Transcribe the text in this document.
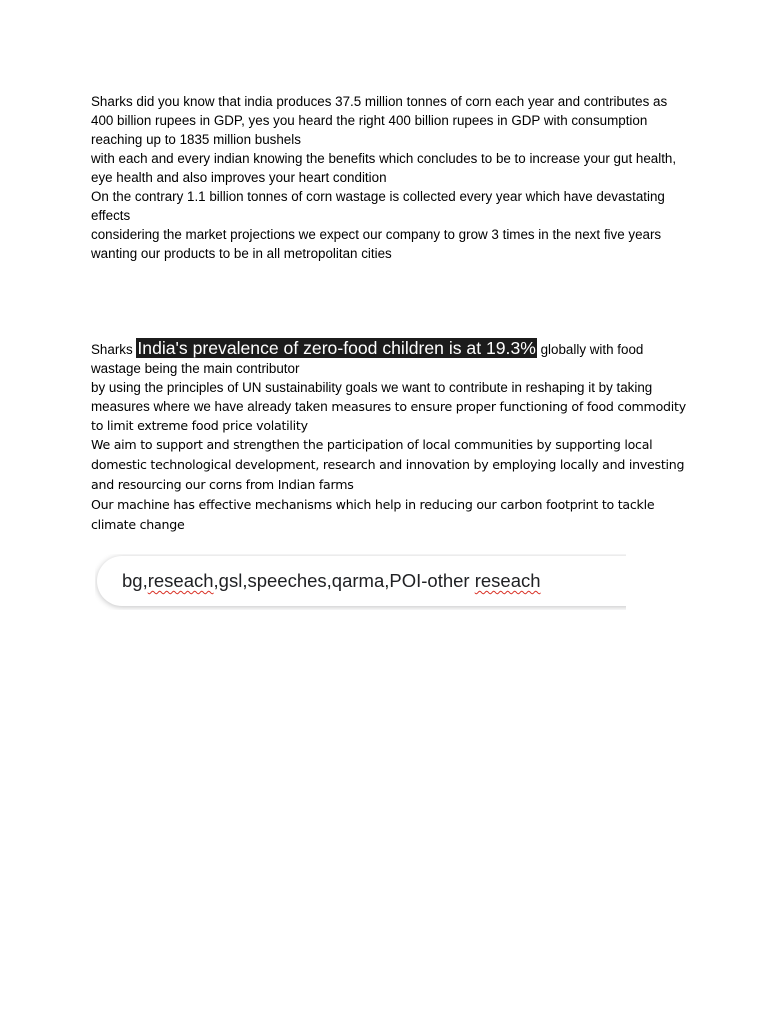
Sharks did you know that india produces 37.5 million tonnes of corn each year and contributes as 400 billion rupees in GDP, yes you heard the right 400 billion rupees in GDP with consumption reaching up to 1835 million bushels

with each and every indian knowing the benefits which concludes to be to increase your gut health, eye health and also improves your heart condition

On the contrary 1.1 billion tonnes of corn wastage is collected every year which have devastating effects

considering the market projections we expect our company to grow 3 times in the next five years wanting our products to be in all metropolitan cities

Sharks India's prevalence of zero-food children is at 19.3% globally with food wastage being the main contributor

by using the principles of UN sustainability goals we want to contribute in reshaping it by taking measures where we have already taken measures to ensure proper functioning of food commodity to limit extreme food price volatility

We aim to support and strengthen the participation of local communities by supporting local domestic technological development, research and innovation by employing locally and investing and resourcing our corns from Indian farms

Our machine has effective mechanisms which help in reducing our carbon footprint to tackle climate change

bg,reseach,gsl,speeches,qarma,POI-other reseach
